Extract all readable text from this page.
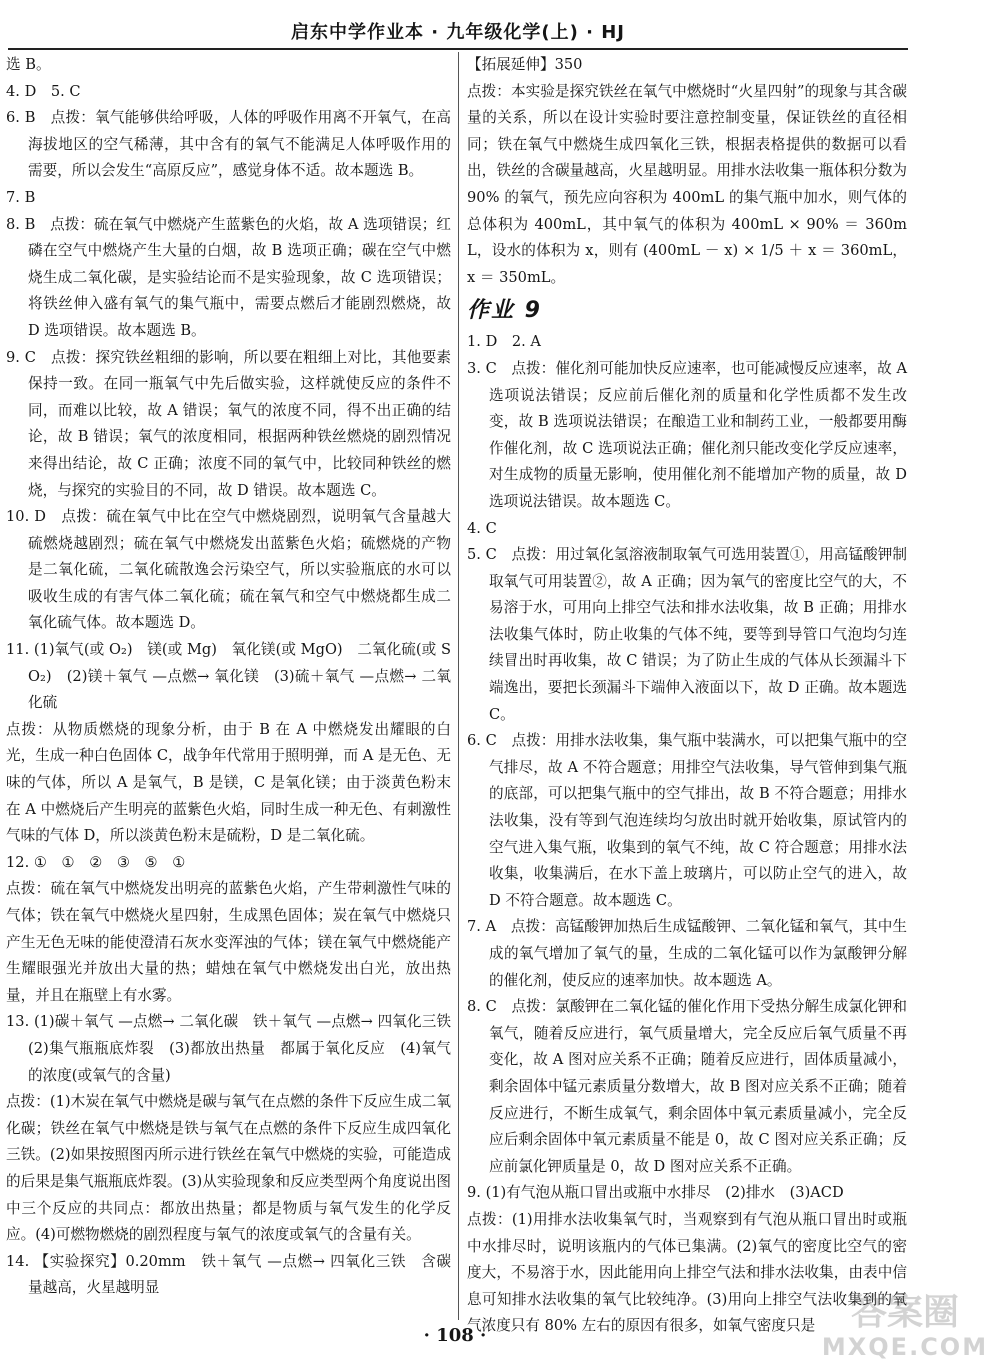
启东中学作业本 · 九年级化学(上) · HJ

选 B。

4. D　5. C

6. B　点拨：氧气能够供给呼吸，人体的呼吸作用离不开氧气，在高海拔地区的空气稀薄，其中含有的氧气不能满足人体呼吸作用的需要，所以会发生“高原反应”，感觉身体不适。故本题选 B。

7. B

8. B　点拨：硫在氧气中燃烧产生蓝紫色的火焰，故 A 选项错误；红磷在空气中燃烧产生大量的白烟，故 B 选项正确；碳在空气中燃烧生成二氧化碳，是实验结论而不是实验现象，故 C 选项错误；将铁丝伸入盛有氧气的集气瓶中，需要点燃后才能剧烈燃烧，故 D 选项错误。故本题选 B。

9. C　点拨：探究铁丝粗细的影响，所以要在粗细上对比，其他要素保持一致。在同一瓶氧气中先后做实验，这样就使反应的条件不同，而难以比较，故 A 错误；氧气的浓度不同，得不出正确的结论，故 B 错误；氧气的浓度相同，根据两种铁丝燃烧的剧烈情况来得出结论，故 C 正确；浓度不同的氧气中，比较同种铁丝的燃烧，与探究的实验目的不同，故 D 错误。故本题选 C。

10. D　点拨：硫在氧气中比在空气中燃烧剧烈，说明氧气含量越大硫燃烧越剧烈；硫在氧气中燃烧发出蓝紫色火焰；硫燃烧的产物是二氧化硫，二氧化硫散逸会污染空气，所以实验瓶底的水可以吸收生成的有害气体二氧化硫；硫在氧气和空气中燃烧都生成二氧化硫气体。故本题选 D。

11. (1)氧气(或 O₂)　镁(或 Mg)　氧化镁(或 MgO)　二氧化硫(或 SO₂)　(2)镁＋氧气 —点燃→ 氧化镁　(3)硫＋氧气 —点燃→ 二氧化硫

点拨：从物质燃烧的现象分析，由于 B 在 A 中燃烧发出耀眼的白光，生成一种白色固体 C，战争年代常用于照明弹，而 A 是无色、无味的气体，所以 A 是氧气，B 是镁，C 是氧化镁；由于淡黄色粉末在 A 中燃烧后产生明亮的蓝紫色火焰，同时生成一种无色、有刺激性气味的气体 D，所以淡黄色粉末是硫粉，D 是二氧化硫。

12. ①　①　②　③　⑤　①

点拨：硫在氧气中燃烧发出明亮的蓝紫色火焰，产生带刺激性气味的气体；铁在氧气中燃烧火星四射，生成黑色固体；炭在氧气中燃烧只产生无色无味的能使澄清石灰水变浑浊的气体；镁在氧气中燃烧能产生耀眼强光并放出大量的热；蜡烛在氧气中燃烧发出白光，放出热量，并且在瓶壁上有水雾。

13. (1)碳＋氧气 —点燃→ 二氧化碳　铁＋氧气 —点燃→ 四氧化三铁　(2)集气瓶瓶底炸裂　(3)都放出热量　都属于氧化反应　(4)氧气的浓度(或氧气的含量)

点拨：(1)木炭在氧气中燃烧是碳与氧气在点燃的条件下反应生成二氧化碳；铁丝在氧气中燃烧是铁与氧气在点燃的条件下反应生成四氧化三铁。(2)如果按照图丙所示进行铁丝在氧气中燃烧的实验，可能造成的后果是集气瓶瓶底炸裂。(3)从实验现象和反应类型两个角度说出图中三个反应的共同点：都放出热量；都是物质与氧气发生的化学反应。(4)可燃物燃烧的剧烈程度与氧气的浓度或氧气的含量有关。

14. 【实验探究】0.20mm　铁＋氧气 —点燃→ 四氧化三铁　含碳量越高，火星越明显

【拓展延伸】350

点拨：本实验是探究铁丝在氧气中燃烧时“火星四射”的现象与其含碳量的关系，所以在设计实验时要注意控制变量，保证铁丝的直径相同；铁在氧气中燃烧生成四氧化三铁，根据表格提供的数据可以看出，铁丝的含碳量越高，火星越明显。用排水法收集一瓶体积分数为 90% 的氧气，预先应向容积为 400mL 的集气瓶中加水，则气体的总体积为 400mL，其中氧气的体积为 400mL × 90% ＝ 360mL，设水的体积为 x，则有 (400mL － x) × 1/5 ＋ x ＝ 360mL，x ＝ 350mL。

作业 9

1. D　2. A

3. C　点拨：催化剂可能加快反应速率，也可能减慢反应速率，故 A 选项说法错误；反应前后催化剂的质量和化学性质都不发生改变，故 B 选项说法错误；在酿造工业和制药工业，一般都要用酶作催化剂，故 C 选项说法正确；催化剂只能改变化学反应速率，对生成物的质量无影响，使用催化剂不能增加产物的质量，故 D 选项说法错误。故本题选 C。

4. C

5. C　点拨：用过氧化氢溶液制取氧气可选用装置①，用高锰酸钾制取氧气可用装置②，故 A 正确；因为氧气的密度比空气的大，不易溶于水，可用向上排空气法和排水法收集，故 B 正确；用排水法收集气体时，防止收集的气体不纯，要等到导管口气泡均匀连续冒出时再收集，故 C 错误；为了防止生成的气体从长颈漏斗下端逸出，要把长颈漏斗下端伸入液面以下，故 D 正确。故本题选 C。

6. C　点拨：用排水法收集，集气瓶中装满水，可以把集气瓶中的空气排尽，故 A 不符合题意；用排空气法收集，导气管伸到集气瓶的底部，可以把集气瓶中的空气排出，故 B 不符合题意；用排水法收集，没有等到气泡连续均匀放出时就开始收集，原试管内的空气进入集气瓶，收集到的氧气不纯，故 C 符合题意；用排水法收集，收集满后，在水下盖上玻璃片，可以防止空气的进入，故 D 不符合题意。故本题选 C。

7. A　点拨：高锰酸钾加热后生成锰酸钾、二氧化锰和氧气，其中生成的氧气增加了氧气的量，生成的二氧化锰可以作为氯酸钾分解的催化剂，使反应的速率加快。故本题选 A。

8. C　点拨：氯酸钾在二氧化锰的催化作用下受热分解生成氯化钾和氧气，随着反应进行，氧气质量增大，完全反应后氧气质量不再变化，故 A 图对应关系不正确；随着反应进行，固体质量减小，剩余固体中锰元素质量分数增大，故 B 图对应关系不正确；随着反应进行，不断生成氧气，剩余固体中氧元素质量减小，完全反应后剩余固体中氧元素质量不能是 0，故 C 图对应关系正确；反应前氯化钾质量是 0，故 D 图对应关系不正确。

9. (1)有气泡从瓶口冒出或瓶中水排尽　(2)排水　(3)ACD

点拨：(1)用排水法收集氧气时，当观察到有气泡从瓶口冒出时或瓶中水排尽时，说明该瓶内的气体已集满。(2)氧气的密度比空气的密度大，不易溶于水，因此能用向上排空气法和排水法收集，由表中信息可知排水法收集的氧气比较纯净。(3)用向上排空气法收集到的氧气浓度只有 80% 左右的原因有很多，如氧气密度只是

· 108 ·
答案圈
MXQE.COM
